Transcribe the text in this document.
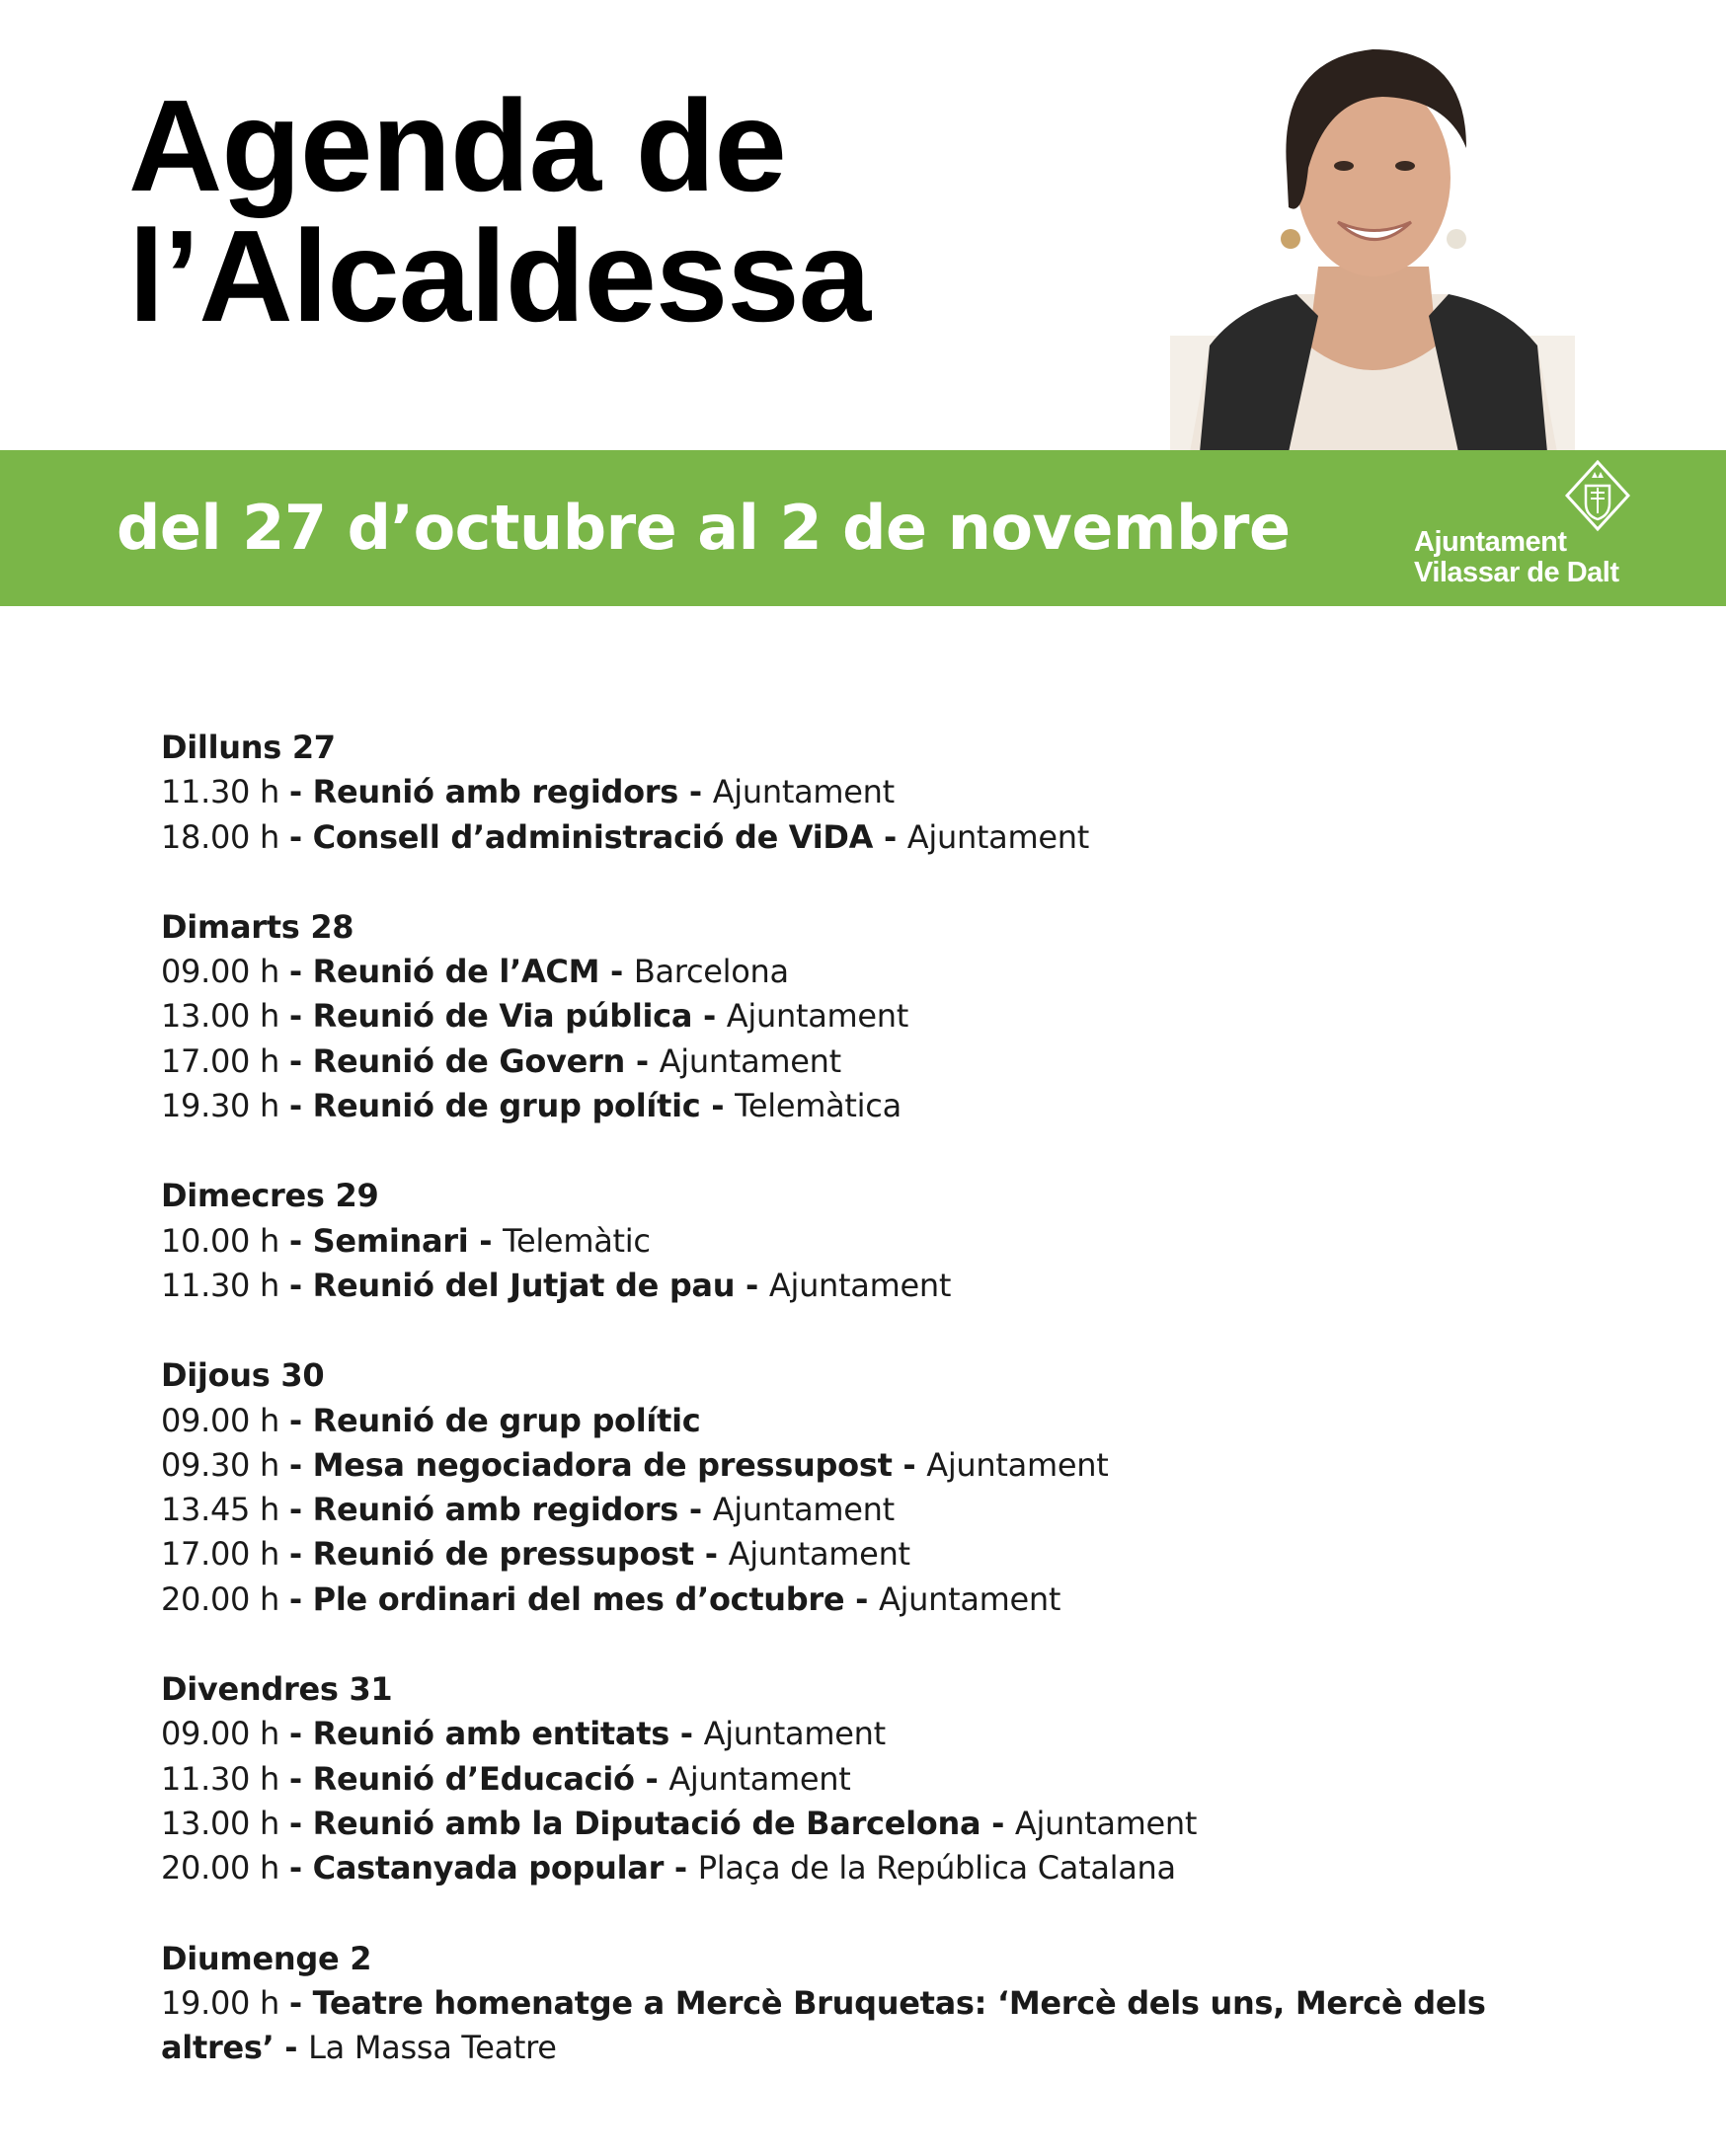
Agenda de
l’Alcaldessa
del 27 d’octubre al 2 de novembre	Ajuntament
Vilassar de Dalt
Dilluns 27
11.30 h - Reunió amb regidors - Ajuntament
18.00 h - Consell d’administració de ViDA - Ajuntament
Dimarts 28
09.00 h - Reunió de l’ACM - Barcelona
13.00 h - Reunió de Via pública - Ajuntament
17.00 h - Reunió de Govern - Ajuntament
19.30 h - Reunió de grup polític - Telemàtica
Dimecres 29
10.00 h - Seminari - Telemàtic
11.30 h - Reunió del Jutjat de pau - Ajuntament
Dijous 30
09.00 h - Reunió de grup polític
09.30 h - Mesa negociadora de pressupost - Ajuntament
13.45 h - Reunió amb regidors - Ajuntament
17.00 h - Reunió de pressupost - Ajuntament
20.00 h - Ple ordinari del mes d’octubre - Ajuntament
Divendres 31
09.00 h - Reunió amb entitats - Ajuntament
11.30 h - Reunió d’Educació - Ajuntament
13.00 h - Reunió amb la Diputació de Barcelona - Ajuntament
20.00 h - Castanyada popular - Plaça de la República Catalana
Diumenge 2
19.00 h - Teatre homenatge a Mercè Bruquetas: ‘Mercè dels uns, Mercè dels altres’ - La Massa Teatre
